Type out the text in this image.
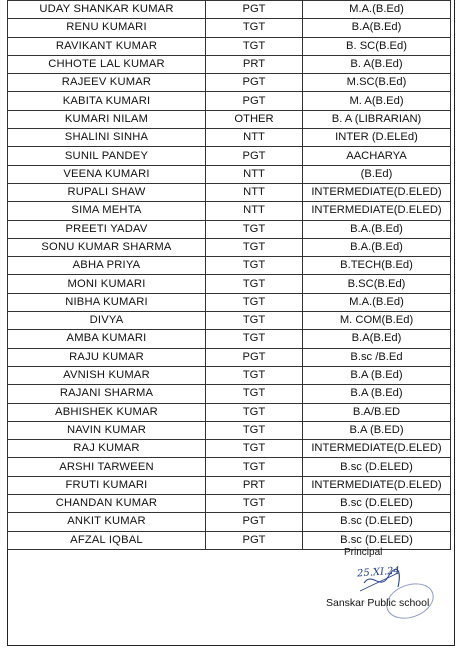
UDAY SHANKAR KUMAR	PGT	M.A.(B.Ed)
RENU KUMARI	TGT	B.A(B.Ed)
RAVIKANT KUMAR	TGT	B. SC(B.Ed)
CHHOTE LAL KUMAR	PRT	B. A(B.Ed)
RAJEEV KUMAR	PGT	M.SC(B.Ed)
KABITA KUMARI	PGT	M. A(B.Ed)
KUMARI NILAM	OTHER	B. A (LIBRARIAN)
SHALINI SINHA	NTT	INTER (D.ELEd)
SUNIL PANDEY	PGT	AACHARYA
VEENA KUMARI	NTT	(B.Ed)
RUPALI SHAW	NTT	INTERMEDIATE(D.ELED)
SIMA MEHTA	NTT	INTERMEDIATE(D.ELED)
PREETI YADAV	TGT	B.A.(B.Ed)
SONU KUMAR SHARMA	TGT	B.A.(B.Ed)
ABHA PRIYA	TGT	B.TECH(B.Ed)
MONI KUMARI	TGT	B.SC(B.Ed)
NIBHA KUMARI	TGT	M.A.(B.Ed)
DIVYA	TGT	M. COM(B.Ed)
AMBA KUMARI	TGT	B.A(B.Ed)
RAJU KUMAR	PGT	B.sc /B.Ed
AVNISH KUMAR	TGT	B.A (B.Ed)
RAJANI SHARMA	TGT	B.A (B.Ed)
ABHISHEK KUMAR	TGT	B.A/B.ED
NAVIN KUMAR	TGT	B.A (B.ED)
RAJ KUMAR	TGT	INTERMEDIATE(D.ELED)
ARSHI TARWEEN	TGT	B.sc (D.ELED)
FRUTI KUMARI	PRT	INTERMEDIATE(D.ELED)
CHANDAN KUMAR	TGT	B.sc (D.ELED)
ANKIT KUMAR	PGT	B.sc (D.ELED)
AFZAL IQBAL	PGT	B.sc (D.ELED)
Principal
25.XI.24
Sanskar Public school
